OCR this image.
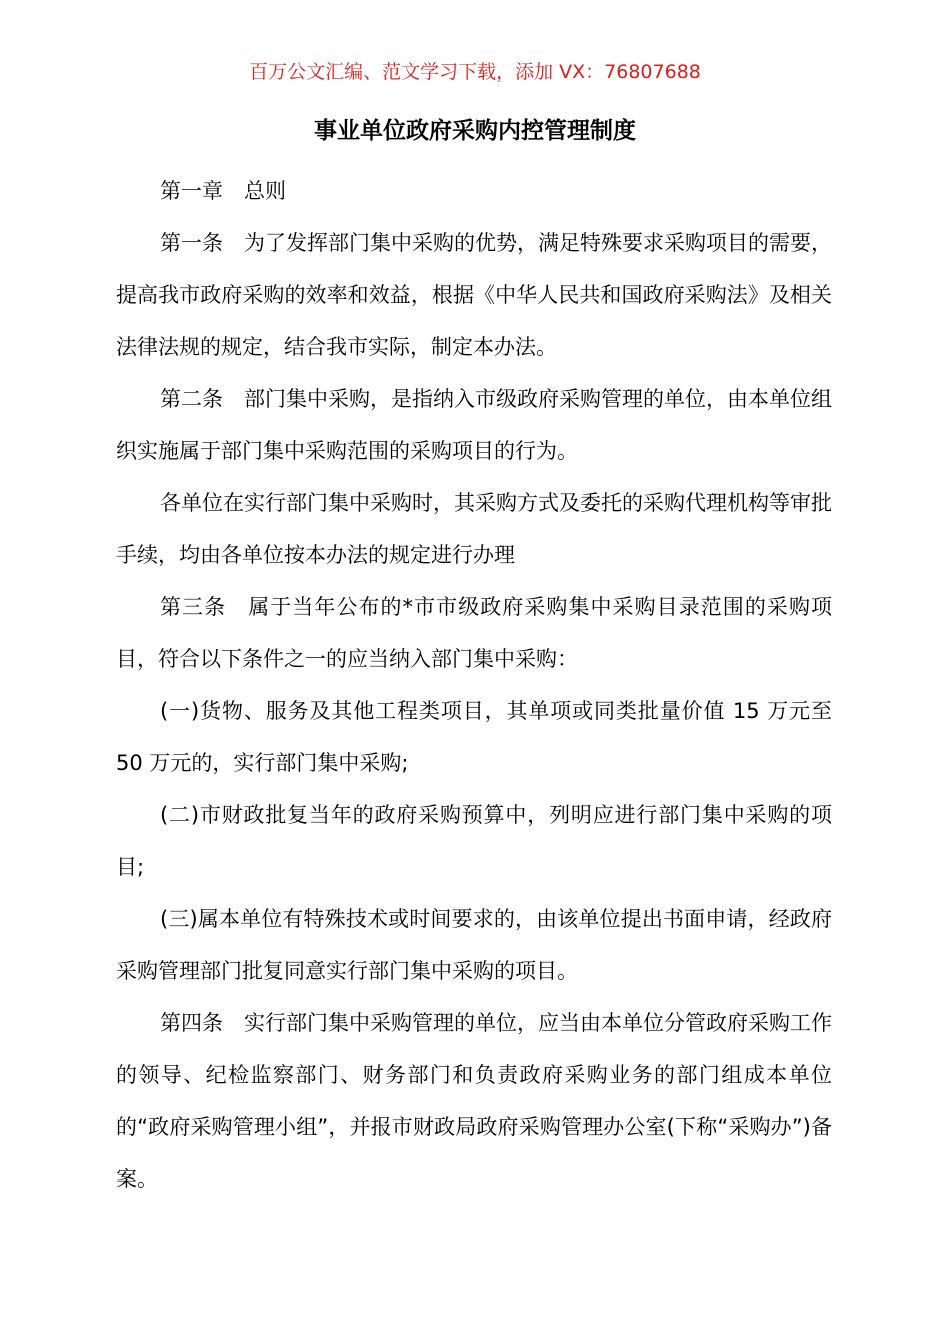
百万公文汇编、范文学习下载，添加 VX：76807688
事业单位政府采购内控管理制度

第一章　总则

第一条　为了发挥部门集中采购的优势，满足特殊要求采购项目的需要，提高我市政府采购的效率和效益，根据《中华人民共和国政府采购法》及相关法律法规的规定，结合我市实际，制定本办法。

第二条　部门集中采购，是指纳入市级政府采购管理的单位，由本单位组织实施属于部门集中采购范围的采购项目的行为。

各单位在实行部门集中采购时，其采购方式及委托的采购代理机构等审批手续，均由各单位按本办法的规定进行办理

第三条　属于当年公布的*市市级政府采购集中采购目录范围的采购项目，符合以下条件之一的应当纳入部门集中采购：

(一)货物、服务及其他工程类项目，其单项或同类批量价值 15 万元至 50 万元的，实行部门集中采购;

(二)市财政批复当年的政府采购预算中，列明应进行部门集中采购的项目;

(三)属本单位有特殊技术或时间要求的，由该单位提出书面申请，经政府采购管理部门批复同意实行部门集中采购的项目。

第四条　实行部门集中采购管理的单位，应当由本单位分管政府采购工作的领导、纪检监察部门、财务部门和负责政府采购业务的部门组成本单位的“政府采购管理小组”，并报市财政局政府采购管理办公室(下称“采购办”)备案。
